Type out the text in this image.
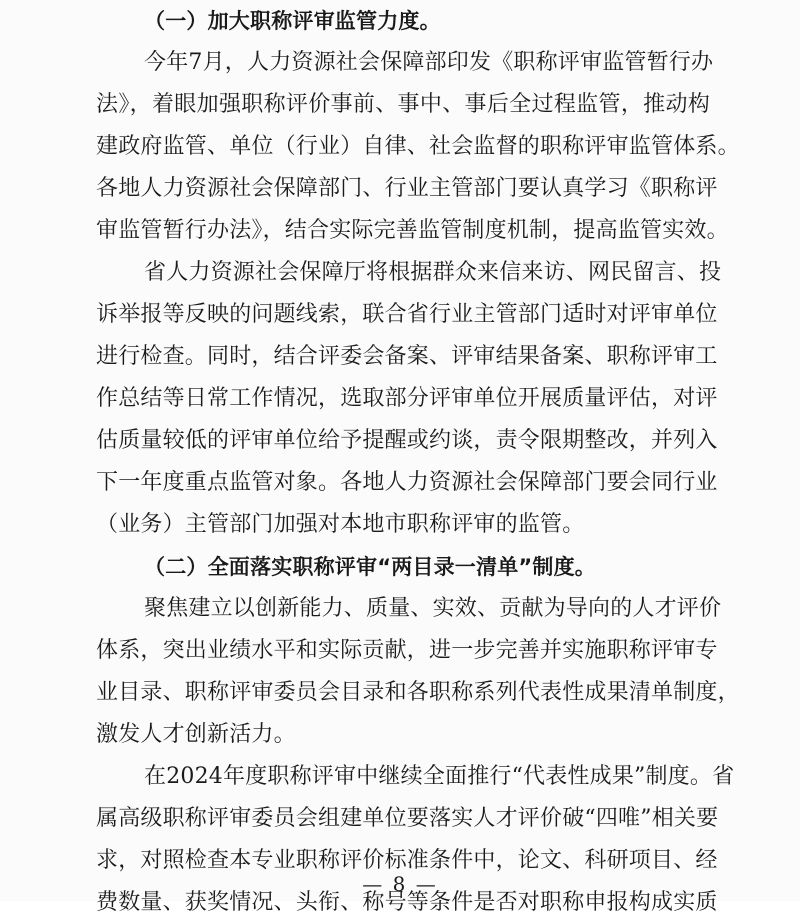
（一）加大职称评审监管力度。
今年7月，人力资源社会保障部印发《职称评审监管暂行办
法》，着眼加强职称评价事前、事中、事后全过程监管，推动构
建政府监管、单位（行业）自律、社会监督的职称评审监管体系。
各地人力资源社会保障部门、行业主管部门要认真学习《职称评
审监管暂行办法》，结合实际完善监管制度机制，提高监管实效。
省人力资源社会保障厅将根据群众来信来访、网民留言、投
诉举报等反映的问题线索，联合省行业主管部门适时对评审单位
进行检查。同时，结合评委会备案、评审结果备案、职称评审工
作总结等日常工作情况，选取部分评审单位开展质量评估，对评
估质量较低的评审单位给予提醒或约谈，责令限期整改，并列入
下一年度重点监管对象。各地人力资源社会保障部门要会同行业
（业务）主管部门加强对本地市职称评审的监管。
（二）全面落实职称评审“两目录一清单”制度。
聚焦建立以创新能力、质量、实效、贡献为导向的人才评价
体系，突出业绩水平和实际贡献，进一步完善并实施职称评审专
业目录、职称评审委员会目录和各职称系列代表性成果清单制度，
激发人才创新活力。
在2024年度职称评审中继续全面推行“代表性成果”制度。省
属高级职称评审委员会组建单位要落实人才评价破“四唯”相关要
求，对照检查本专业职称评价标准条件中，论文、科研项目、经
费数量、获奖情况、头衔、称号等条件是否对职称申报构成实质
— 8 —
